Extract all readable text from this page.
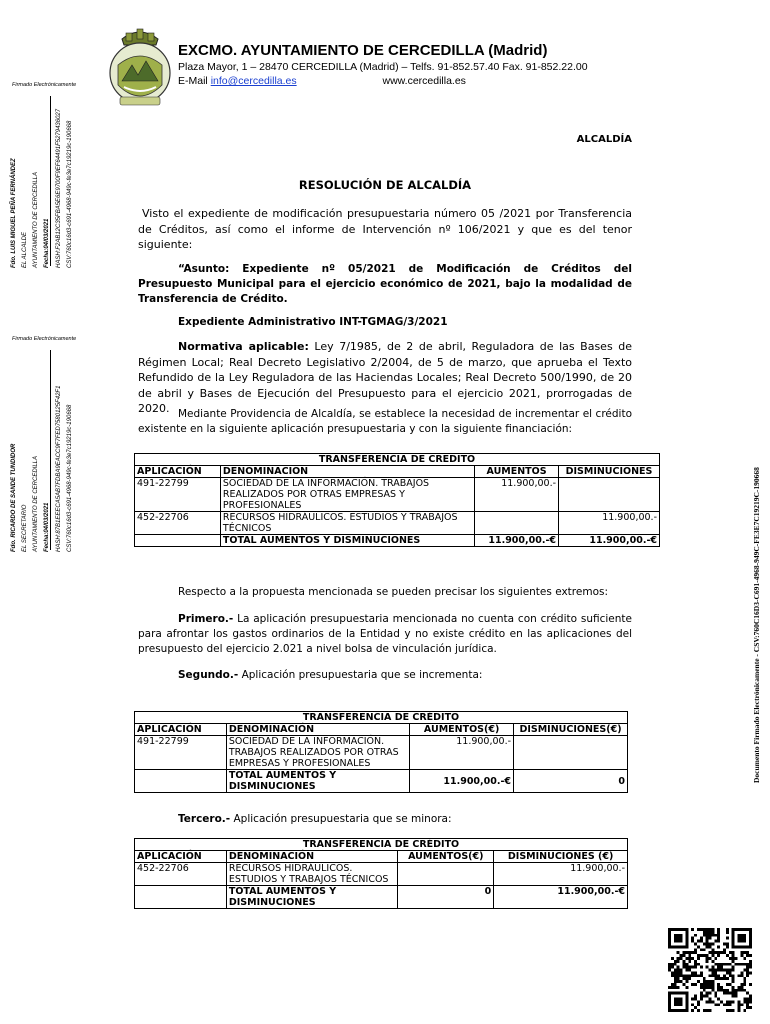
EXCMO. AYUNTAMIENTO DE CERCEDILLA (Madrid)
Plaza Mayor, 1 – 28470 CERCEDILLA (Madrid) – Telfs. 91-852.57.40 Fax. 91-852.22.00
E-Mail info@cercedilla.es	www.cercedilla.es
Firmado Electrónicamente
Fdo. LUIS MIGUEL PEÑA FERNÁNDEZ EL ALCALDE AYUNTAMIENTO DE CERCEDILLA Fecha:04/03/2021 HASH:F2AB12C35FBA5E6E9700F9EF64491F5279436027 CSV:760c16d3-c691-4968-949c-fe3e7c19219c-190668
Firmado Electrónicamente
Fdo. RICARDO DE SANDE TUNDIDOR EL SECRETARIO AYUNTAMIENTO DE CERCEDILLA Fecha:04/03/2021 HASH:87B1EEECA5AB7FDBA9EACC9F7FED7580125F42F1 CSV:760c16d3-c691-4968-949c-fe3e7c19219c-190668	Documento Firmado Electrónicamente - CSV:760C16D3-C691-4968-949C-FE3E7C19219C-190668
ALCALDÍA
RESOLUCIÓN DE ALCALDÍA
Visto el expediente de modificación presupuestaria número 05 /2021 por Transferencia de Créditos, así como el informe de Intervención nº 106/2021 y que es del tenor siguiente:
“Asunto: Expediente nº 05/2021 de Modificación de Créditos del Presupuesto Municipal para el ejercicio económico de 2021, bajo la modalidad de Transferencia de Crédito.
Expediente Administrativo INT-TGMAG/3/2021
Normativa aplicable: Ley 7/1985, de 2 de abril, Reguladora de las Bases de Régimen Local; Real Decreto Legislativo 2/2004, de 5 de marzo, que aprueba el Texto Refundido de la Ley Reguladora de las Haciendas Locales; Real Decreto 500/1990, de 20 de abril y Bases de Ejecución del Presupuesto para el ejercicio 2021, prorrogadas de 2020. Mediante Providencia de Alcaldía, se establece la necesidad de incrementar el crédito existente en la siguiente aplicación presupuestaria y con la siguiente financiación:
TRANSFERENCIA DE CREDITO			
APLICACIÓN	DENOMINACION	AUMENTOS	DISMINUCIONES
491-22799	SOCIEDAD DE LA INFORMACIÓN. TRABAJOS REALIZADOS POR OTRAS EMPRESAS Y PROFESIONALES	11.900,00.-	
452-22706	RECURSOS HIDRÁULICOS. ESTUDIOS Y TRABAJOS TÉCNICOS		11.900,00.-
	TOTAL AUMENTOS Y DISMINUCIONES	11.900,00.-€	11.900,00.-€
Respecto a la propuesta mencionada se pueden precisar los siguientes extremos:
Primero.- La aplicación presupuestaria mencionada no cuenta con crédito suficiente para afrontar los gastos ordinarios de la Entidad y no existe crédito en las aplicaciones del presupuesto del ejercicio 2.021 a nivel bolsa de vinculación jurídica.
Segundo.- Aplicación presupuestaria que se incrementa:
TRANSFERENCIA DE CRÉDITO			
APLICACIÓN	DENOMINACIÓN	AUMENTOS(€)	DISMINUCIONES(€)
491-22799	SOCIEDAD DE LA INFORMACIÓN. TRABAJOS REALIZADOS POR OTRAS EMPRESAS Y PROFESIONALES	11.900,00.-	
	TOTAL AUMENTOS Y DISMINUCIONES	11.900,00.-€	0
Tercero.- Aplicación presupuestaria que se minora:
TRANSFERENCIA DE CRÉDITO			
APLICACIÓN	DENOMINACIÓN	AUMENTOS(€)	DISMINUCIONES (€)
452-22706	RECURSOS HIDRÁULICOS. ESTUDIOS Y TRABAJOS TÉCNICOS		11.900,00.-
	TOTAL AUMENTOS Y DISMINUCIONES	0	11.900,00.-€
